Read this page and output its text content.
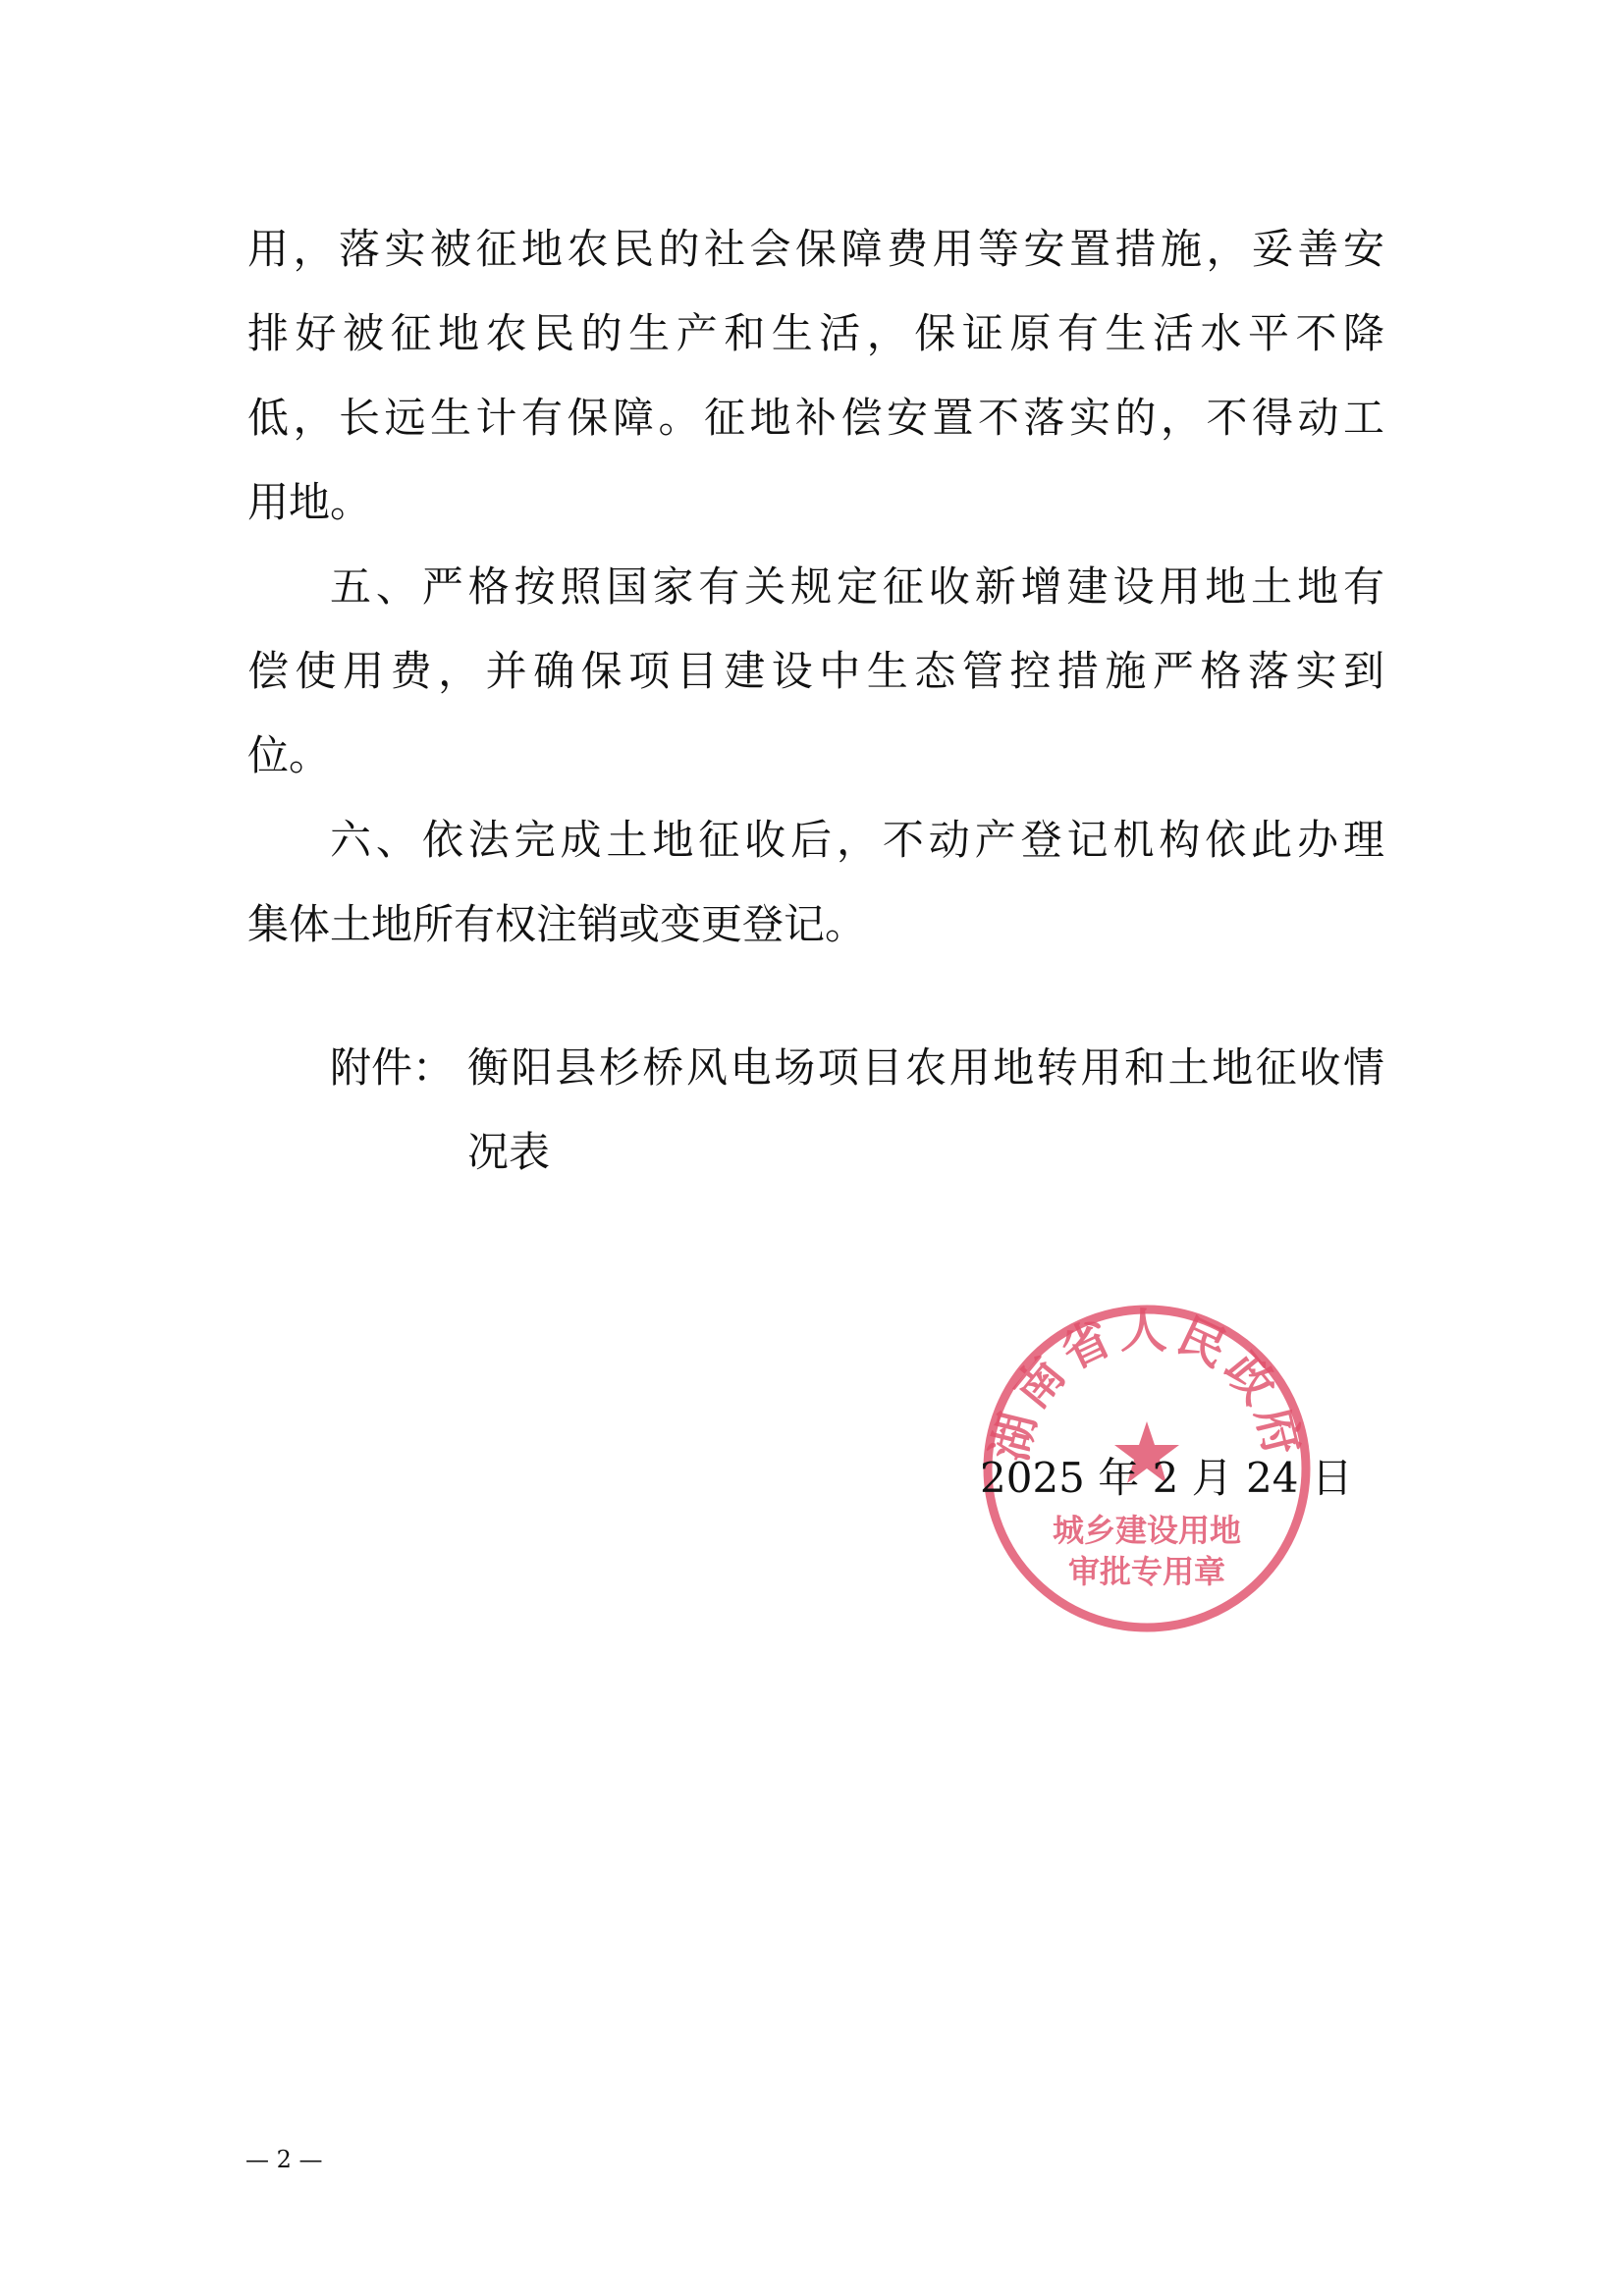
用，落实被征地农民的社会保障费用等安置措施，妥善安
排好被征地农民的生产和生活，保证原有生活水平不降
低，长远生计有保障。征地补偿安置不落实的，不得动工
用地。
五、严格按照国家有关规定征收新增建设用地土地有
偿使用费，并确保项目建设中生态管控措施严格落实到
位。
六、依法完成土地征收后，不动产登记机构依此办理
集体土地所有权注销或变更登记。
附件： 衡阳县杉桥风电场项目农用地转用和土地征收情
况表
湖南省人民政府
城乡建设用地
审批专用章
2025 年 2 月 24 日
— 2 —
